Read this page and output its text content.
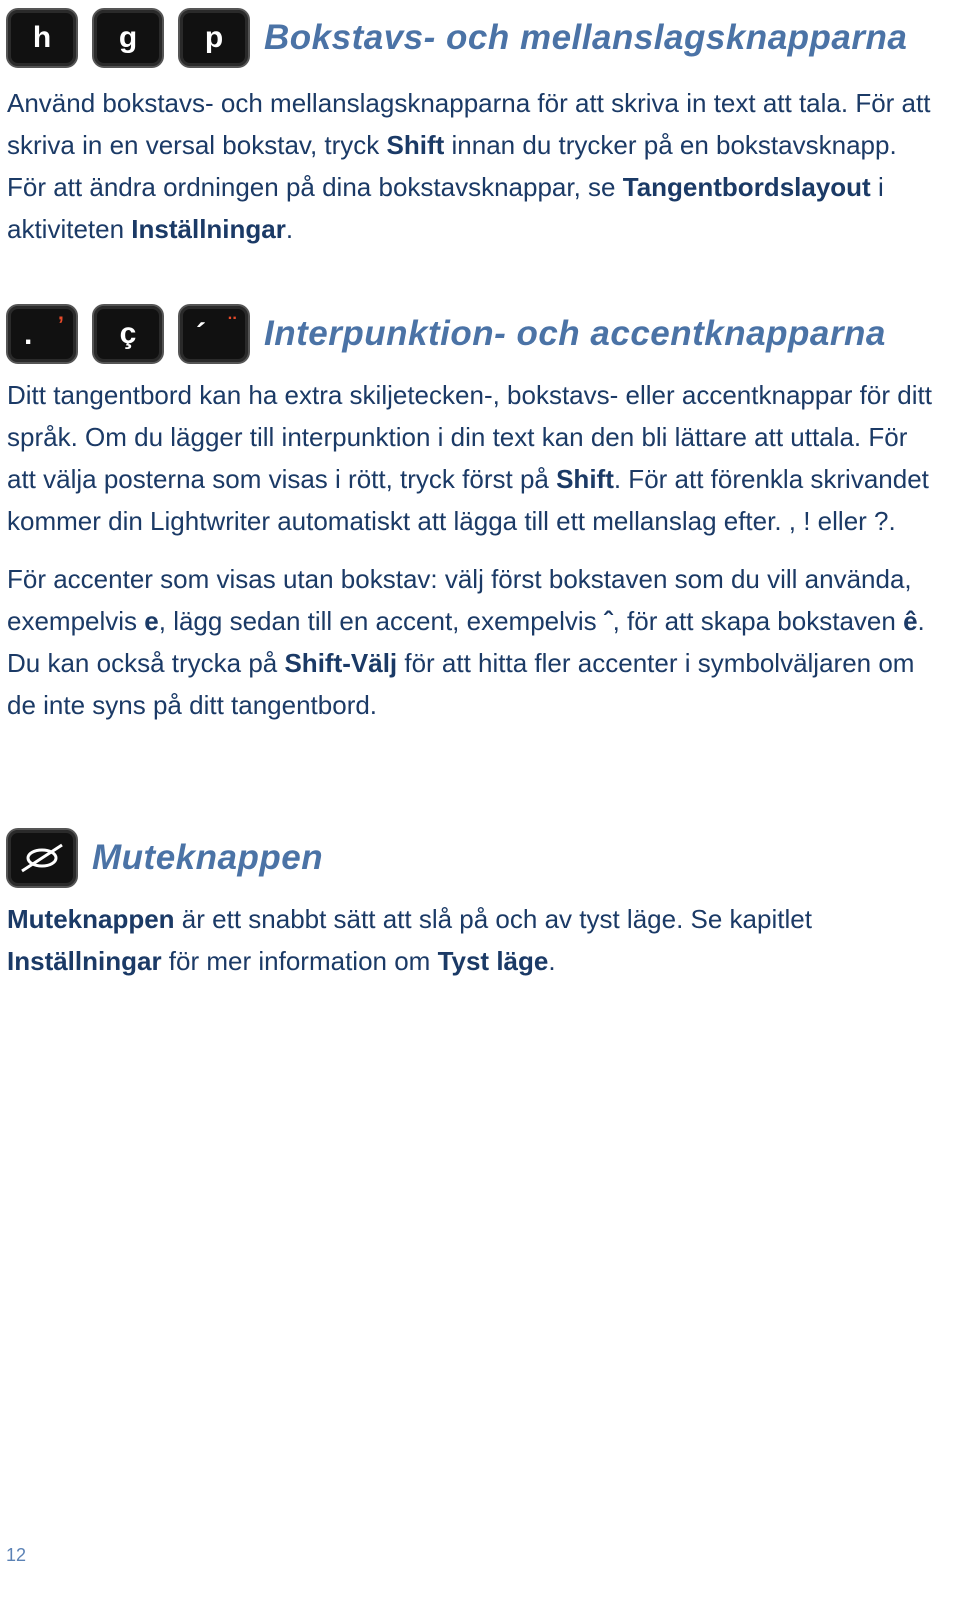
h g p Bokstavs- och mellanslagsknapparna

Använd bokstavs- och mellanslagsknapparna för att skriva in text att tala. För att skriva in en versal bokstav, tryck Shift innan du trycker på en bokstavsknapp. För att ändra ordningen på dina bokstavsknappar, se Tangentbordslayout i aktiviteten Inställningar.

. ’ ç ´ ¨ Interpunktion- och accentknapparna

Ditt tangentbord kan ha extra skiljetecken-, bokstavs- eller accentknappar för ditt språk. Om du lägger till interpunktion i din text kan den bli lättare att uttala. För att välja posterna som visas i rött, tryck först på Shift. För att förenkla skrivandet kommer din Lightwriter automatiskt att lägga till ett mellanslag efter. , ! eller ?.

För accenter som visas utan bokstav: välj först bokstaven som du vill använda, exempelvis e, lägg sedan till en accent, exempelvis ˆ, för att skapa bokstaven ê. Du kan också trycka på Shift-Välj för att hitta fler accenter i symbolväljaren om de inte syns på ditt tangentbord.

Muteknappen

Muteknappen är ett snabbt sätt att slå på och av tyst läge. Se kapitlet Inställningar för mer information om Tyst läge.

12
